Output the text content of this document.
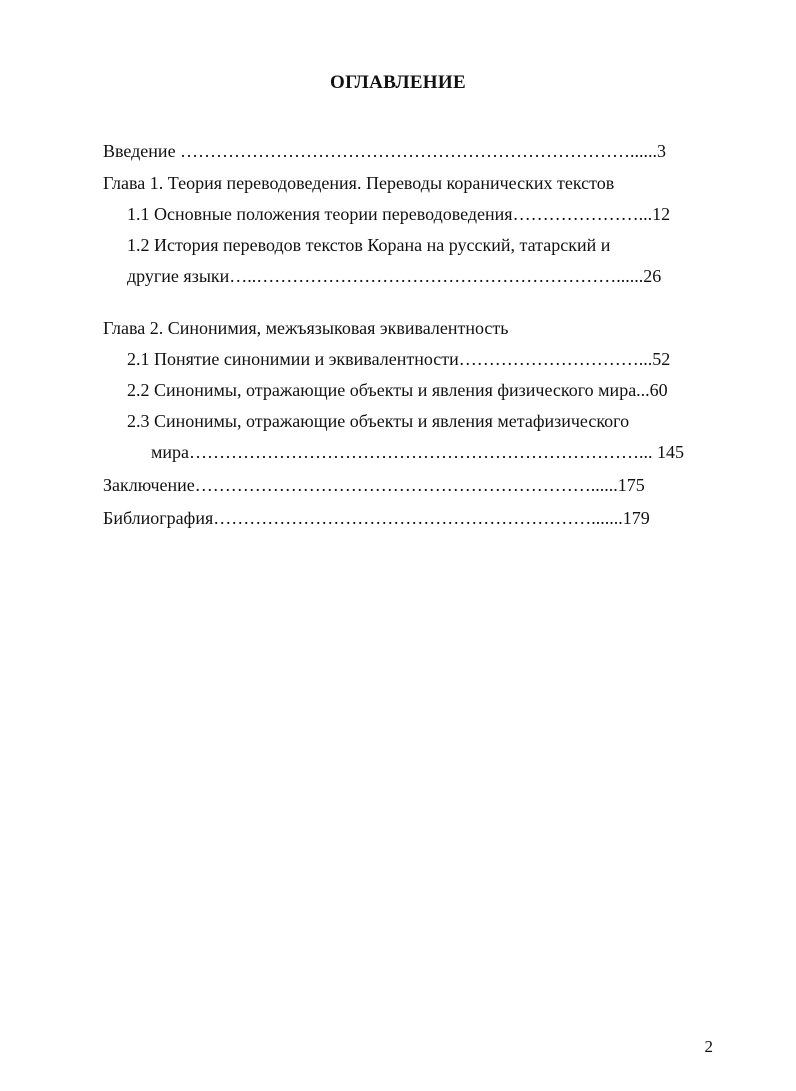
ОГЛАВЛЕНИЕ
Введение …………………………………………………………………......3
Глава 1. Теория переводоведения. Переводы коранических текстов
1.1 Основные положения теории переводоведения…………………...12
1.2 История переводов текстов Корана на русский, татарский и
другие языки…..……………………………………………………......26
Глава 2. Синонимия, межъязыковая эквивалентность
2.1 Понятие синонимии и эквивалентности…………………………...52
2.2 Синонимы, отражающие объекты и явления физического мира...60
2.3 Синонимы, отражающие объекты и явления метафизического
мира…………………………………………………………………... 145
Заключение…………………………………………………………......175
Библиография……………………………………………………….......179
2
